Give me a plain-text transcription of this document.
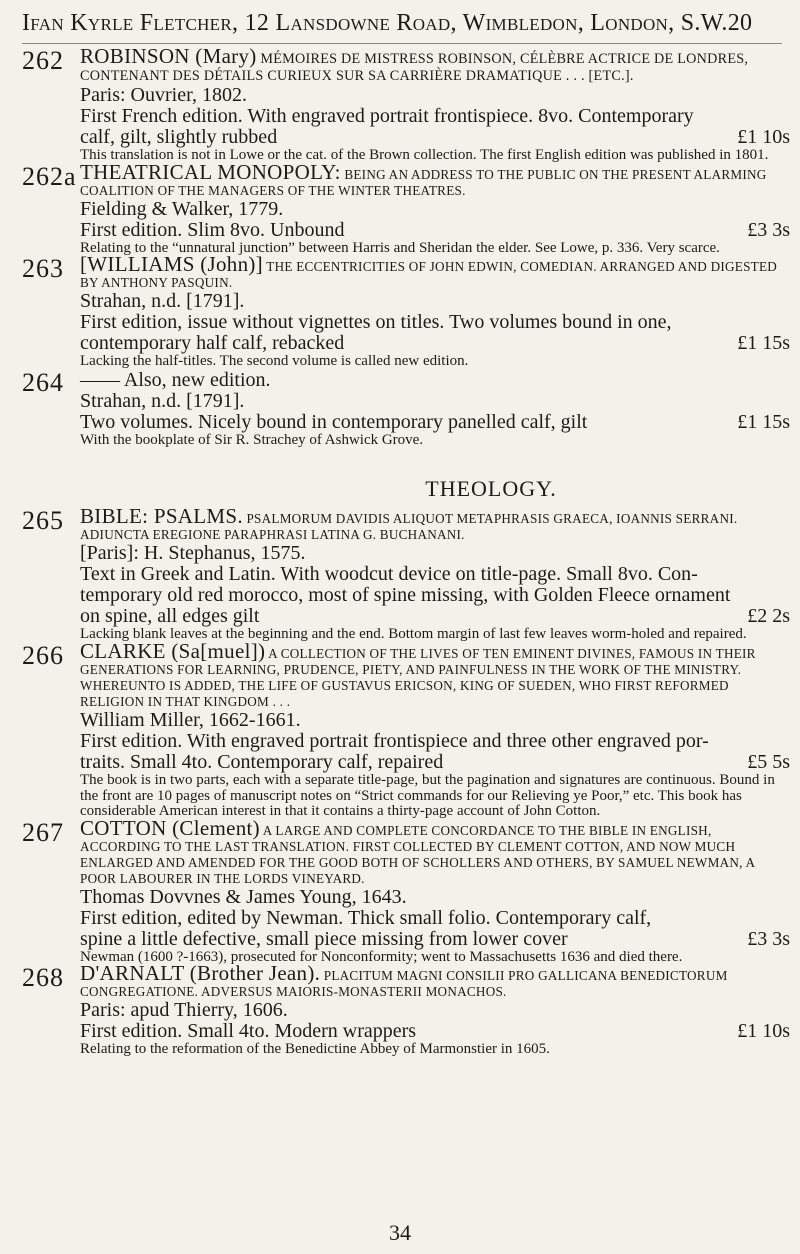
Ifan Kyrle Fletcher, 12 Lansdowne Road, Wimbledon, London, S.W.20
262 ROBINSON (Mary) MÉMOIRES DE MISTRESS ROBINSON, CÉLÈBRE ACTRICE DE LONDRES, CONTENANT DES DÉTAILS CURIEUX SUR SA CARRIÈRE DRAMATIQUE . . . [ETC.].
Paris: Ouvrier, 1802.
First French edition. With engraved portrait frontispiece. 8vo. Contemporary
calf, gilt, slightly rubbed	£1 10s
This translation is not in Lowe or the cat. of the Brown collection. The first English edition was published in 1801.
262a THEATRICAL MONOPOLY: BEING AN ADDRESS TO THE PUBLIC ON THE PRESENT ALARMING COALITION OF THE MANAGERS OF THE WINTER THEATRES.
Fielding & Walker, 1779.
First edition. Slim 8vo. Unbound	£3 3s
Relating to the “unnatural junction” between Harris and Sheridan the elder. See Lowe, p. 336. Very scarce.
263 [WILLIAMS (John)] THE ECCENTRICITIES OF JOHN EDWIN, COMEDIAN. ARRANGED AND DIGESTED BY ANTHONY PASQUIN.
Strahan, n.d. [1791].
First edition, issue without vignettes on titles. Two volumes bound in one,
contemporary half calf, rebacked	£1 15s
Lacking the half-titles. The second volume is called new edition.
264 —— Also, new edition.
Strahan, n.d. [1791].
Two volumes. Nicely bound in contemporary panelled calf, gilt	£1 15s
With the bookplate of Sir R. Strachey of Ashwick Grove.
THEOLOGY.
265 BIBLE: PSALMS. PSALMORUM DAVIDIS ALIQUOT METAPHRASIS GRAECA, IOANNIS SERRANI. ADIUNCTA EREGIONE PARAPHRASI LATINA G. BUCHANANI.
[Paris]: H. Stephanus, 1575.
Text in Greek and Latin. With woodcut device on title-page. Small 8vo. Con-
temporary old red morocco, most of spine missing, with Golden Fleece ornament
on spine, all edges gilt	£2 2s
Lacking blank leaves at the beginning and the end. Bottom margin of last few leaves worm-holed and repaired.
266 CLARKE (Sa[muel]) A COLLECTION OF THE LIVES OF TEN EMINENT DIVINES, FAMOUS IN THEIR GENERATIONS FOR LEARNING, PRUDENCE, PIETY, AND PAINFULNESS IN THE WORK OF THE MINISTRY. WHEREUNTO IS ADDED, THE LIFE OF GUSTAVUS ERICSON, KING OF SUEDEN, WHO FIRST REFORMED RELIGION IN THAT KINGDOM . . .
William Miller, 1662-1661.
First edition. With engraved portrait frontispiece and three other engraved por-
traits. Small 4to. Contemporary calf, repaired	£5 5s
The book is in two parts, each with a separate title-page, but the pagination and signatures are continuous. Bound in the front are 10 pages of manuscript notes on “Strict commands for our Relieving ye Poor,” etc. This book has considerable American interest in that it contains a thirty-page account of John Cotton.
267 COTTON (Clement) A LARGE AND COMPLETE CONCORDANCE TO THE BIBLE IN ENGLISH, ACCORDING TO THE LAST TRANSLATION. FIRST COLLECTED BY CLEMENT COTTON, AND NOW MUCH ENLARGED AND AMENDED FOR THE GOOD BOTH OF SCHOLLERS AND OTHERS, BY SAMUEL NEWMAN, A POOR LABOURER IN THE LORDS VINEYARD.
Thomas Dovvnes & James Young, 1643.
First edition, edited by Newman. Thick small folio. Contemporary calf,
spine a little defective, small piece missing from lower cover	£3 3s
Newman (1600 ?-1663), prosecuted for Nonconformity; went to Massachusetts 1636 and died there.
268 D'ARNALT (Brother Jean). PLACITUM MAGNI CONSILII PRO GALLICANA BENEDICTORUM CONGREGATIONE. ADVERSUS MAIORIS-MONASTERII MONACHOS.
Paris: apud Thierry, 1606.
First edition. Small 4to. Modern wrappers	£1 10s
Relating to the reformation of the Benedictine Abbey of Marmonstier in 1605.
34
